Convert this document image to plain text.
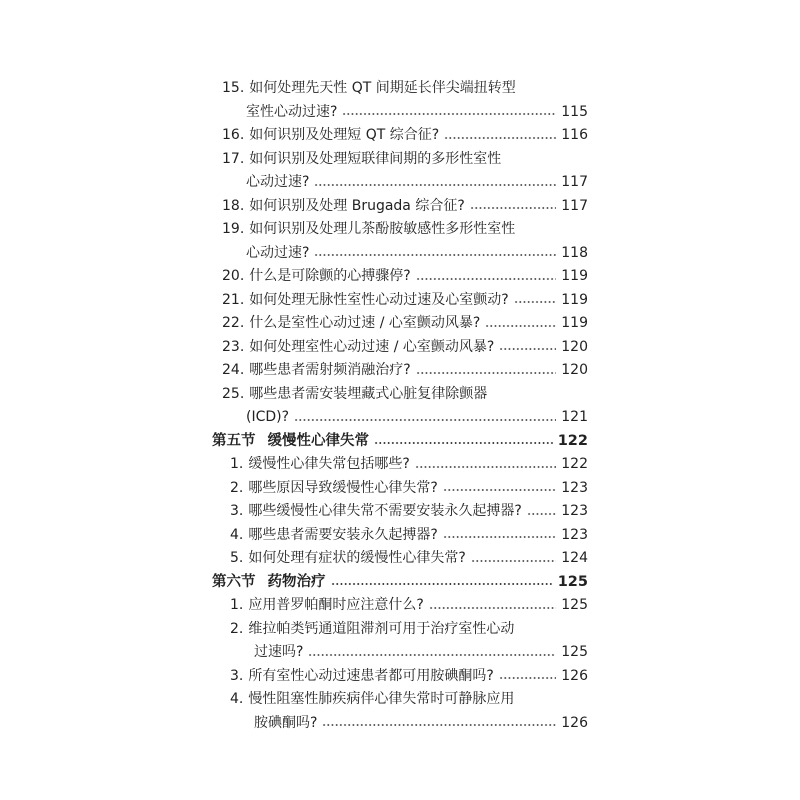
15. 如何处理先天性 QT 间期延长伴尖端扭转型
室性心动过速?	115
16. 如何识别及处理短 QT 综合征?	116
17. 如何识别及处理短联律间期的多形性室性
心动过速?	117
18. 如何识别及处理 Brugada 综合征?	117
19. 如何识别及处理儿茶酚胺敏感性多形性室性
心动过速?	118
20. 什么是可除颤的心搏骤停?	119
21. 如何处理无脉性室性心动过速及心室颤动?	119
22. 什么是室性心动过速 / 心室颤动风暴?	119
23. 如何处理室性心动过速 / 心室颤动风暴?	120
24. 哪些患者需射频消融治疗?	120
25. 哪些患者需安装埋藏式心脏复律除颤器
(ICD)?	121
第五节 缓慢性心律失常	122
1. 缓慢性心律失常包括哪些?	122
2. 哪些原因导致缓慢性心律失常?	123
3. 哪些缓慢性心律失常不需要安装永久起搏器?	123
4. 哪些患者需要安装永久起搏器?	123
5. 如何处理有症状的缓慢性心律失常?	124
第六节 药物治疗	125
1. 应用普罗帕酮时应注意什么?	125
2. 维拉帕类钙通道阻滞剂可用于治疗室性心动
过速吗?	125
3. 所有室性心动过速患者都可用胺碘酮吗?	126
4. 慢性阻塞性肺疾病伴心律失常时可静脉应用
胺碘酮吗?	126
